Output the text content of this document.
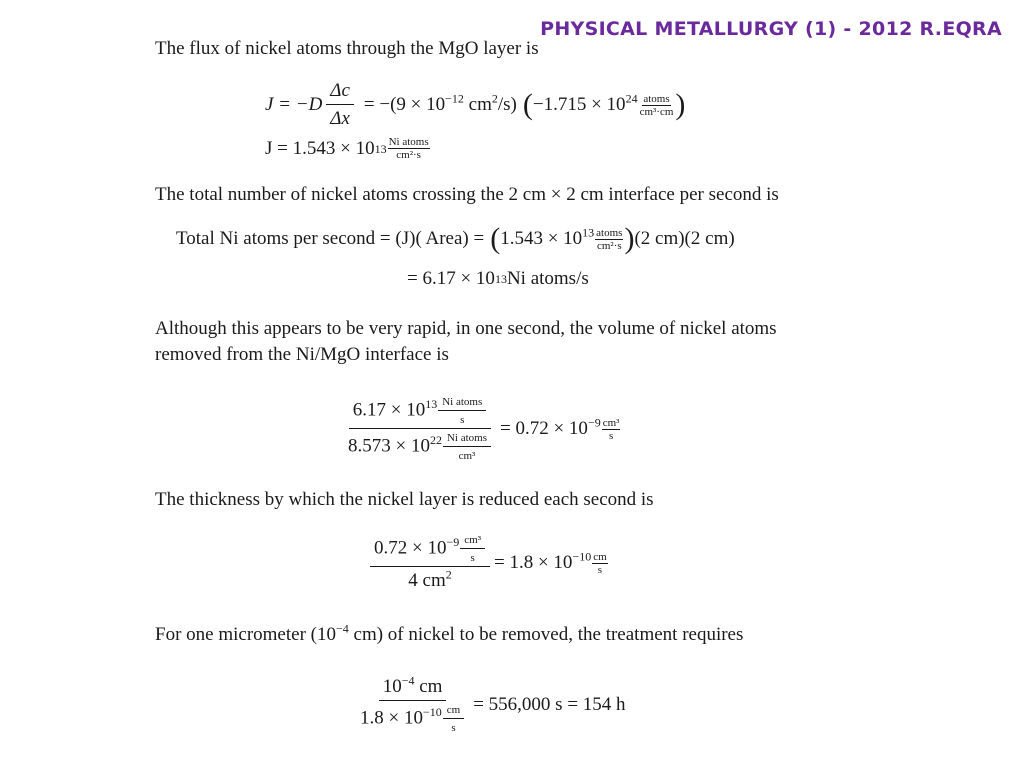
PHYSICAL METALLURGY (1) - 2012 R.EQRA

The flux of nickel atoms through the MgO layer is

$J = -D \frac{\Delta c}{\Delta x} = -(9 \times 10^{-12}$ $cm^2/s$) ( $-1.715 \times 10^{24}$ atoms
cm³·cm )
J = 1.543 × 10 13 Ni atoms
cm²·s

The total number of nickel atoms crossing the 2 cm × 2 cm interface per second is

Total Ni atoms per second = (J)( Area) = ( $1.543 \times 10^{13}$ atoms
cm²·s ) (2 cm)(2 cm)
= 6.17 × 10 13 Ni atoms/s

Although this appears to be very rapid, in one second, the volume of nickel atoms

removed from the Ni/MgO interface is

$6.17 \times 10^{13}$ Ni atoms
s
$8.573 \times 10^{22}$ Ni atoms
$cm^3 = 0.72 \times 10^{-9}$ cm³
s

The thickness by which the nickel layer is reduced each second is

$\frac{0.72 \times 10^{-9} \frac{\text{cm³}}{s}}{4 cm^2} = 1.8 \times 10^{-10}$ cm
s

For one micrometer ($10^{-4}$ cm) of nickel to be removed, the treatment requires

$\frac{10^{-4} cm}{1.8 \times 10^{-10} \frac{cm}{s}} = 556,000$ s = 154 h
